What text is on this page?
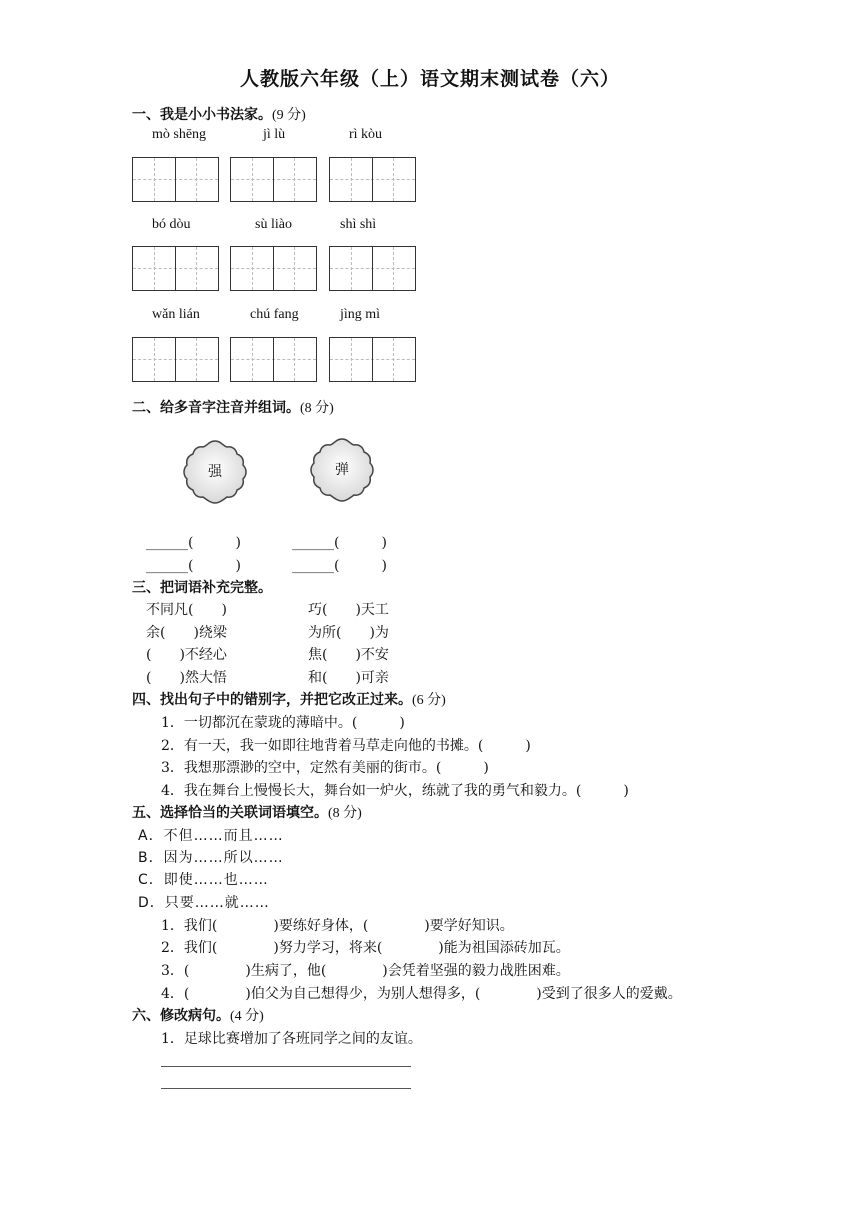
人教版六年级（上）语文期末测试卷（六）
一、我是小小书法家。(9 分)
mò shēng	jì lù	rì kòu
bó dòu	sù liào	shì shì
wǎn lián	chú fang	jìng mì
二、给多音字注音并组词。(8 分)
强	弹
______(　　　)	______(　　　)
______(　　　)	______(　　　)
三、把词语补充完整。
不同凡(　　)	巧(　　)天工
余(　　)绕梁	为所(　　)为
(　　)不经心	焦(　　)不安
(　　)然大悟	和(　　)可亲
四、找出句子中的错别字，并把它改正过来。(6 分)
1．一切都沉在蒙珑的薄暗中。(　　　)
2．有一天，我一如即往地背着马草走向他的书摊。(　　　)
3．我想那漂渺的空中，定然有美丽的街市。(　　　)
4．我在舞台上慢慢长大，舞台如一炉火，练就了我的勇气和毅力。(　　　)
五、选择恰当的关联词语填空。(8 分)
A．不但……而且……
B．因为……所以……
C．即使……也……
D．只要……就……
1．我们(　　　　)要练好身体，(　　　　)要学好知识。
2．我们(　　　　)努力学习，将来(　　　　)能为祖国添砖加瓦。
3．(　　　　)生病了，他(　　　　)会凭着坚强的毅力战胜困难。
4．(　　　　)伯父为自己想得少，为别人想得多，(　　　　)受到了很多人的爱戴。
六、修改病句。(4 分)
1．足球比赛增加了各班同学之间的友谊。
